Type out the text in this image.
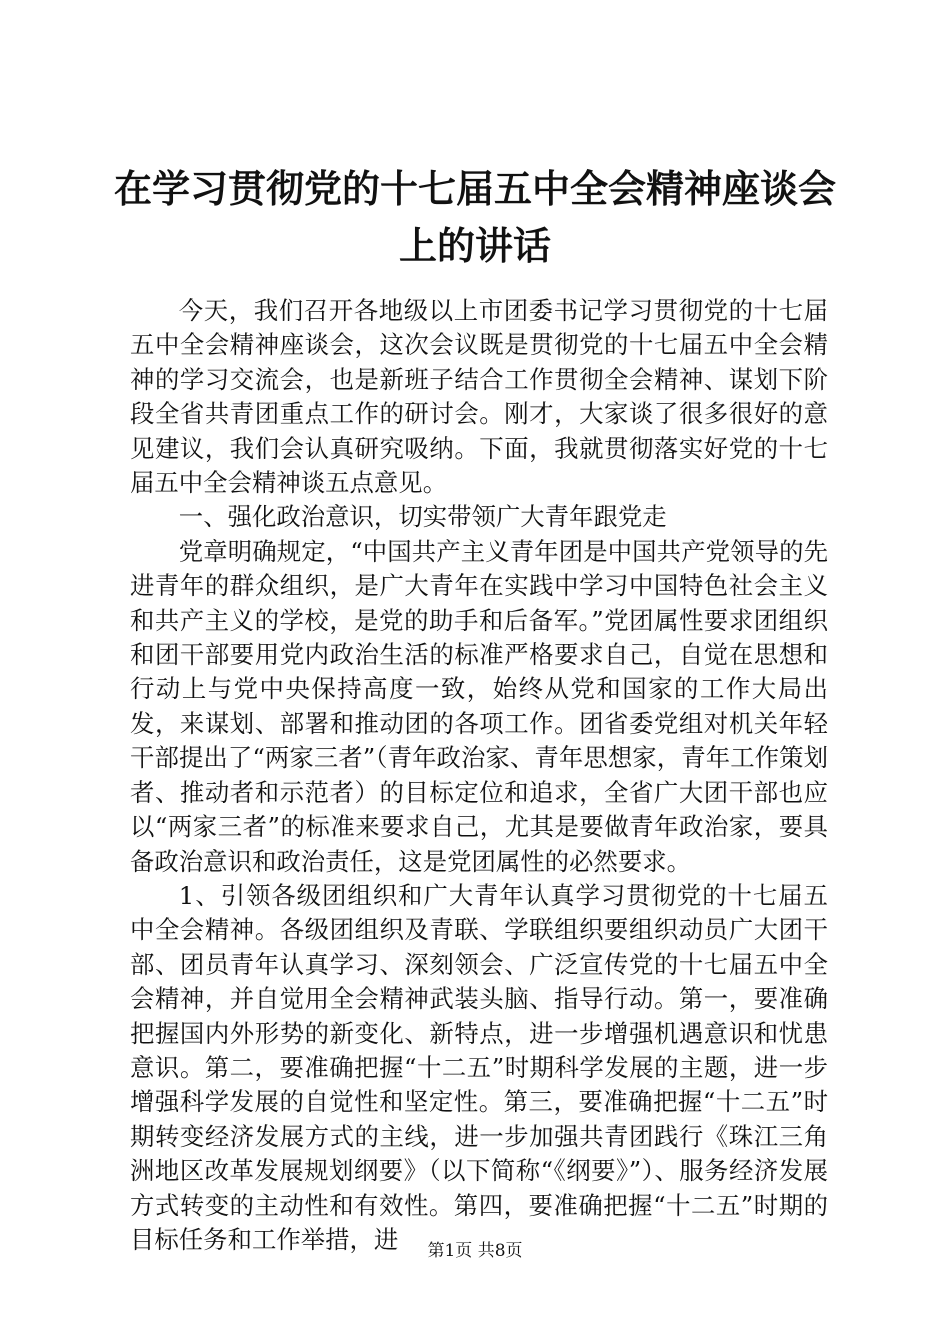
在学习贯彻党的十七届五中全会精神座谈会上的讲话

今天，我们召开各地级以上市团委书记学习贯彻党的十七届五中全会精神座谈会，这次会议既是贯彻党的十七届五中全会精神的学习交流会，也是新班子结合工作贯彻全会精神、谋划下阶段全省共青团重点工作的研讨会。刚才，大家谈了很多很好的意见建议，我们会认真研究吸纳。下面，我就贯彻落实好党的十七届五中全会精神谈五点意见。

一、强化政治意识，切实带领广大青年跟党走

党章明确规定，“中国共产主义青年团是中国共产党领导的先进青年的群众组织，是广大青年在实践中学习中国特色社会主义和共产主义的学校，是党的助手和后备军。”党团属性要求团组织和团干部要用党内政治生活的标准严格要求自己，自觉在思想和行动上与党中央保持高度一致，始终从党和国家的工作大局出发，来谋划、部署和推动团的各项工作。团省委党组对机关年轻干部提出了“两家三者”（青年政治家、青年思想家，青年工作策划者、推动者和示范者）的目标定位和追求，全省广大团干部也应以“两家三者”的标准来要求自己，尤其是要做青年政治家，要具备政治意识和政治责任，这是党团属性的必然要求。

1、引领各级团组织和广大青年认真学习贯彻党的十七届五中全会精神。各级团组织及青联、学联组织要组织动员广大团干部、团员青年认真学习、深刻领会、广泛宣传党的十七届五中全会精神，并自觉用全会精神武装头脑、指导行动。第一，要准确把握国内外形势的新变化、新特点，进一步增强机遇意识和忧患意识。第二，要准确把握“十二五”时期科学发展的主题，进一步增强科学发展的自觉性和坚定性。第三，要准确把握“十二五”时期转变经济发展方式的主线，进一步加强共青团践行《珠江三角洲地区改革发展规划纲要》（以下简称“《纲要》”）、服务经济发展方式转变的主动性和有效性。第四，要准确把握“十二五”时期的目标任务和工作举措，进	第1页 共8页
